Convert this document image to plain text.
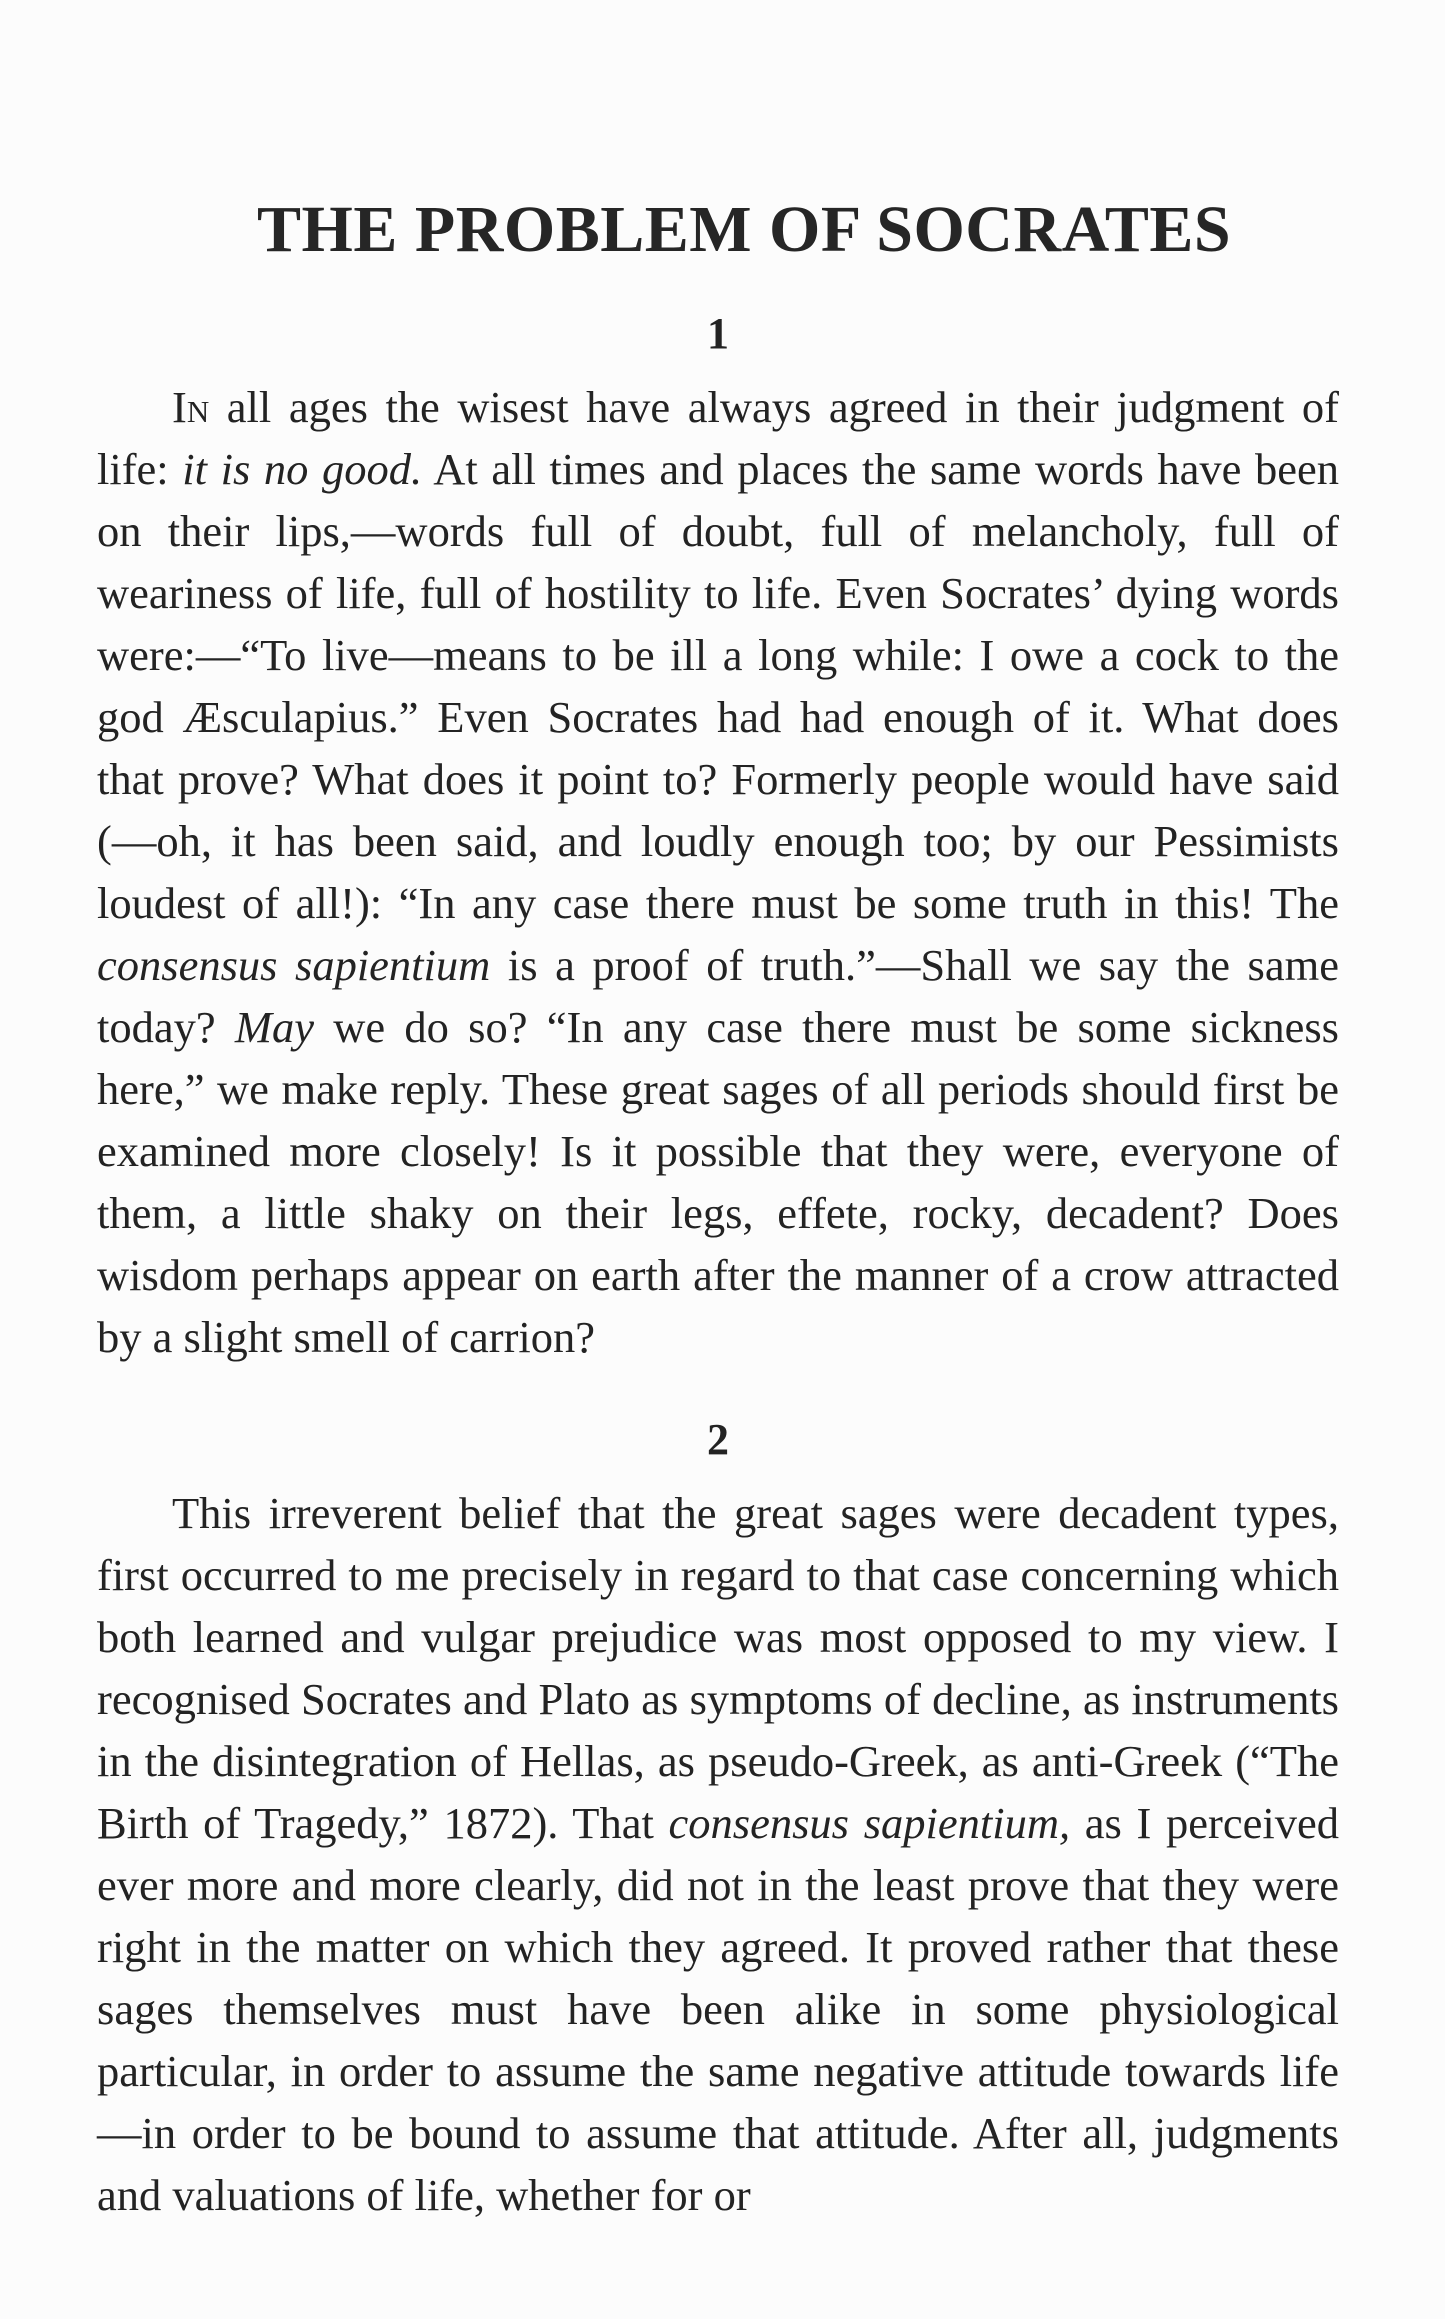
THE PROBLEM OF SOCRATES
1

In all ages the wisest have always agreed in their judgment of life: it is no good. At all times and places the same words have been on their lips,—words full of doubt, full of melancholy, full of weariness of life, full of hostility to life. Even Socrates’ dying words were:—“To live—means to be ill a long while: I owe a cock to the god Æsculapius.” Even Socrates had had enough of it. What does that prove? What does it point to? Formerly people would have said (—oh, it has been said, and loudly enough too; by our Pessimists loudest of all!): “In any case there must be some truth in this! The consensus sapientium is a proof of truth.”—Shall we say the same today? May we do so? “In any case there must be some sickness here,” we make reply. These great sages of all periods should first be examined more closely! Is it possible that they were, everyone of them, a little shaky on their legs, effete, rocky, decadent? Does wisdom perhaps appear on earth after the manner of a crow attracted by a slight smell of carrion?

2

This irreverent belief that the great sages were decadent types, first occurred to me precisely in regard to that case concerning which both learned and vulgar prejudice was most opposed to my view. I recognised Socrates and Plato as symptoms of decline, as instruments in the disintegration of Hellas, as pseudo-Greek, as anti-Greek (“The Birth of Tragedy,” 1872). That consensus sapientium, as I perceived ever more and more clearly, did not in the least prove that they were right in the matter on which they agreed. It proved rather that these sages themselves must have been alike in some physiological particular, in order to assume the same negative attitude towards life—in order to be bound to assume that attitude. After all, judgments and valuations of life, whether for or
